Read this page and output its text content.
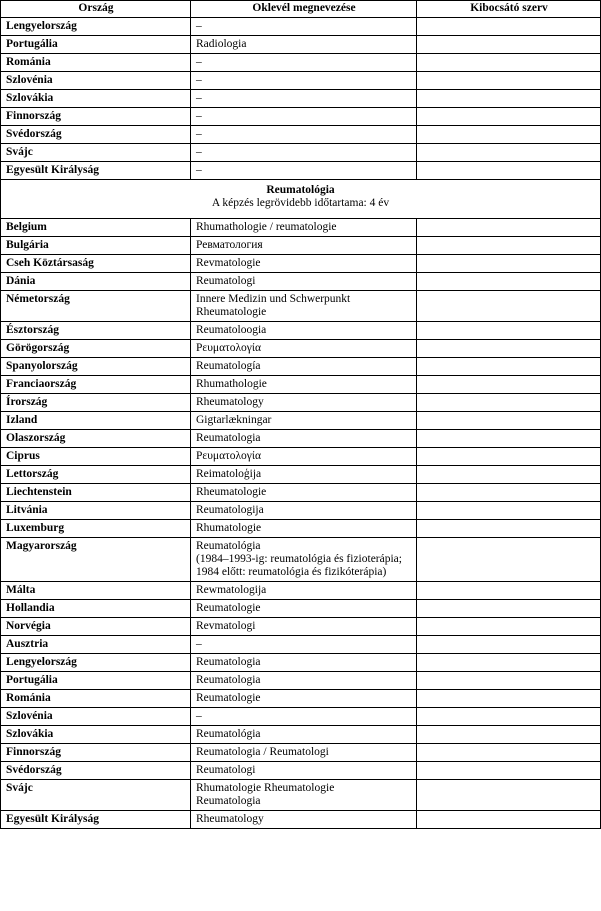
Ország	Oklevél megnevezése	Kibocsátó szerv
Lengyelország	–	
Portugália	Radiologia	
Románia	–	
Szlovénia	–	
Szlovákia	–	
Finnország	–	
Svédország	–	
Svájc	–	
Egyesült Királyság	–	

Reumatológia
A képzés legrövidebb időtartama: 4 év		

Belgium	Rhumathologie / reumatologie	
Bulgária	Ревматология	
Cseh Köztársaság	Revmatologie	
Dánia	Reumatologi	
Németország	Innere Medizin und Schwerpunkt Rheumatologie	
Észtország	Reumatoloogia	
Görögország	Ρευματολογία	
Spanyolország	Reumatología	
Franciaország	Rhumathologie	
Írország	Rheumatology	
Izland	Gigtarlækningar	
Olaszország	Reumatologia	
Ciprus	Ρευματολογία	
Lettország	Reimatoloģija	
Liechtenstein	Rheumatologie	
Litvánia	Reumatologija	
Luxemburg	Rhumatologie	
Magyarország	Reumatológia
(1984–1993-ig: reumatológia és fizioterápia;
1984 előtt: reumatológia és fizikóterápia)	
Málta	Rewmatologija	
Hollandia	Reumatologie	
Norvégia	Revmatologi	
Ausztria	–	
Lengyelország	Reumatologia	
Portugália	Reumatologia	
Románia	Reumatologie	
Szlovénia	–	
Szlovákia	Reumatológia	
Finnország	Reumatologia / Reumatologi	
Svédország	Reumatologi	
Svájc	Rhumatologie Rheumatologie
Reumatologia	
Egyesült Királyság	Rheumatology	
